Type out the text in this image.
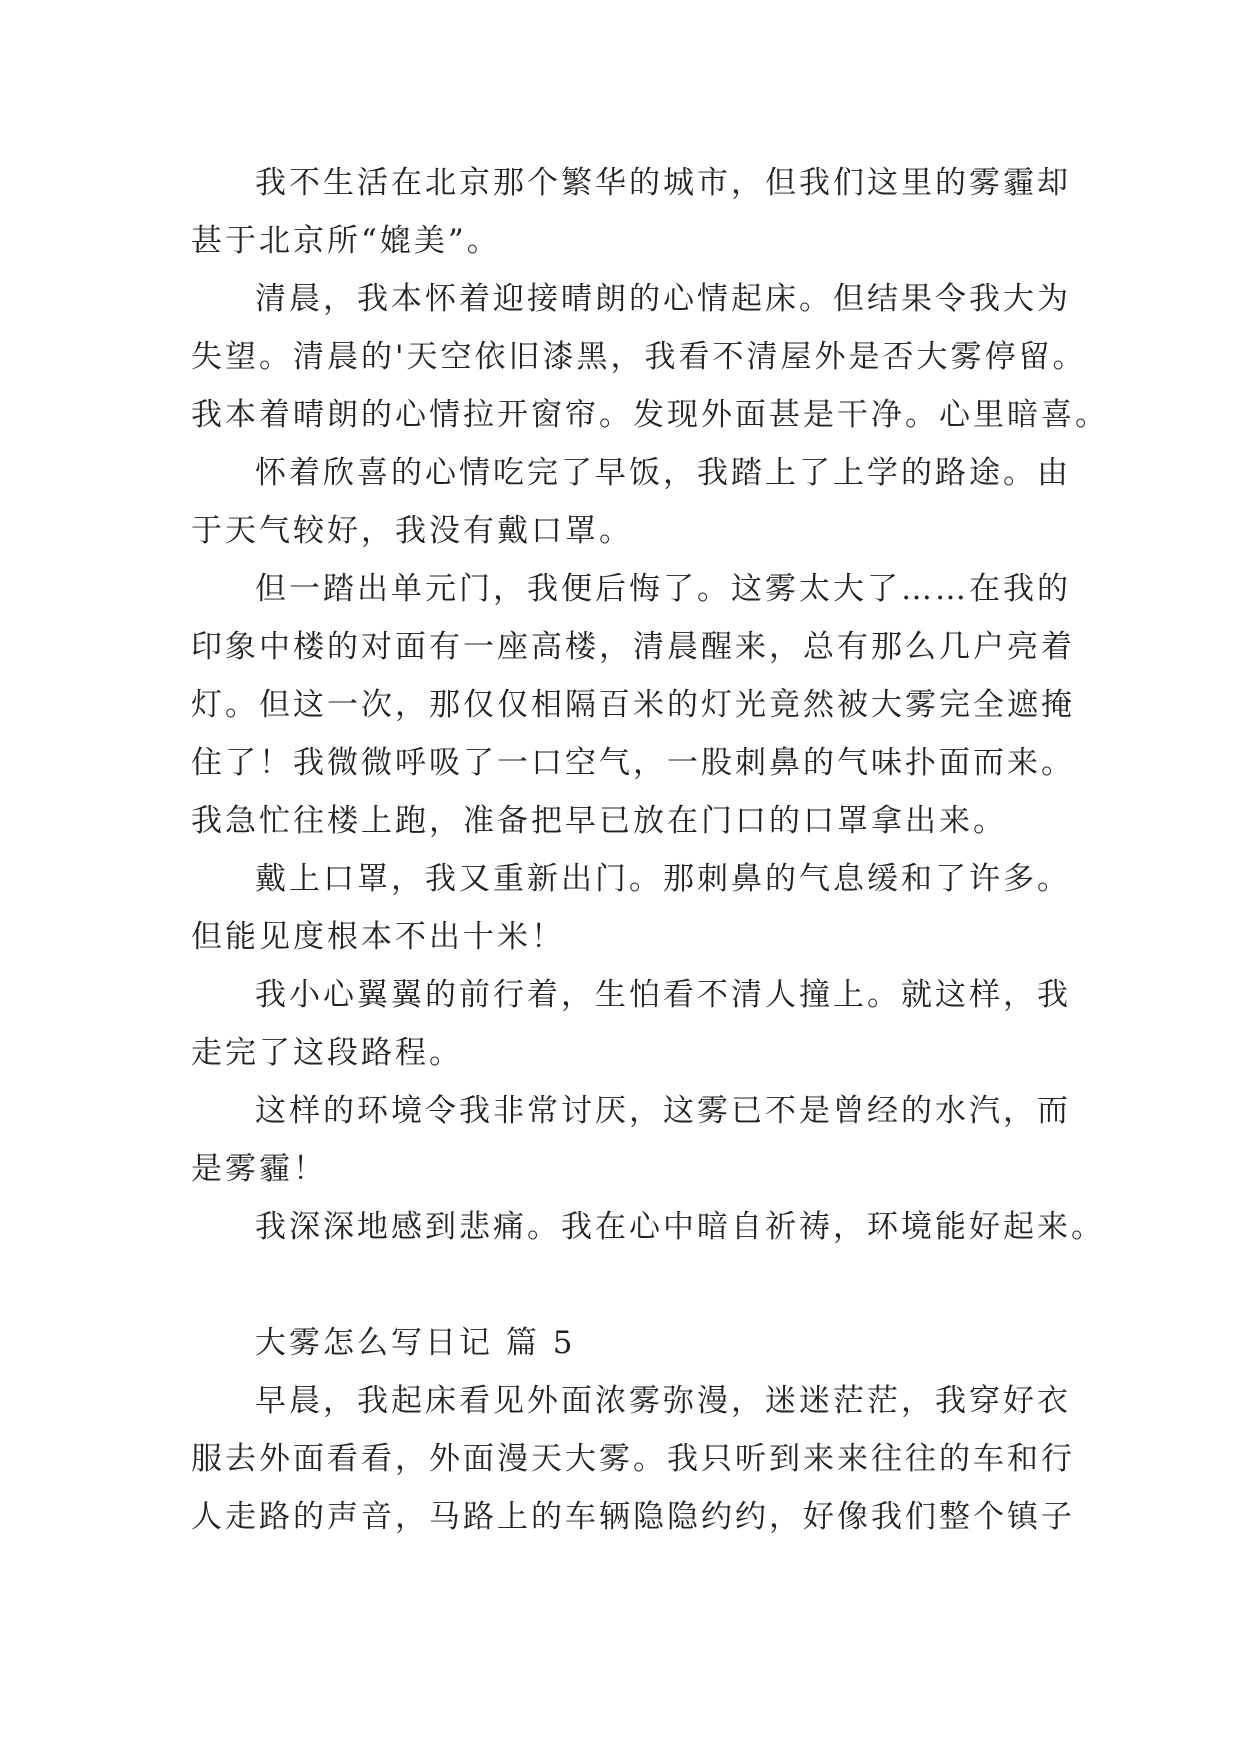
我不生活在北京那个繁华的城市，但我们这里的雾霾却
甚于北京所“媲美”。
清晨，我本怀着迎接晴朗的心情起床。但结果令我大为
失望。清晨的'天空依旧漆黑，我看不清屋外是否大雾停留。
我本着晴朗的心情拉开窗帘。发现外面甚是干净。心里暗喜。
怀着欣喜的心情吃完了早饭，我踏上了上学的路途。由
于天气较好，我没有戴口罩。
但一踏出单元门，我便后悔了。这雾太大了……在我的
印象中楼的对面有一座高楼，清晨醒来，总有那么几户亮着
灯。但这一次，那仅仅相隔百米的灯光竟然被大雾完全遮掩
住了！我微微呼吸了一口空气，一股刺鼻的气味扑面而来。
我急忙往楼上跑，准备把早已放在门口的口罩拿出来。
戴上口罩，我又重新出门。那刺鼻的气息缓和了许多。
但能见度根本不出十米！
我小心翼翼的前行着，生怕看不清人撞上。就这样，我
走完了这段路程。
这样的环境令我非常讨厌，这雾已不是曾经的水汽，而
是雾霾！
我深深地感到悲痛。我在心中暗自祈祷，环境能好起来。
大雾怎么写日记 篇 5
早晨，我起床看见外面浓雾弥漫，迷迷茫茫，我穿好衣
服去外面看看，外面漫天大雾。我只听到来来往往的车和行
人走路的声音，马路上的车辆隐隐约约，好像我们整个镇子
